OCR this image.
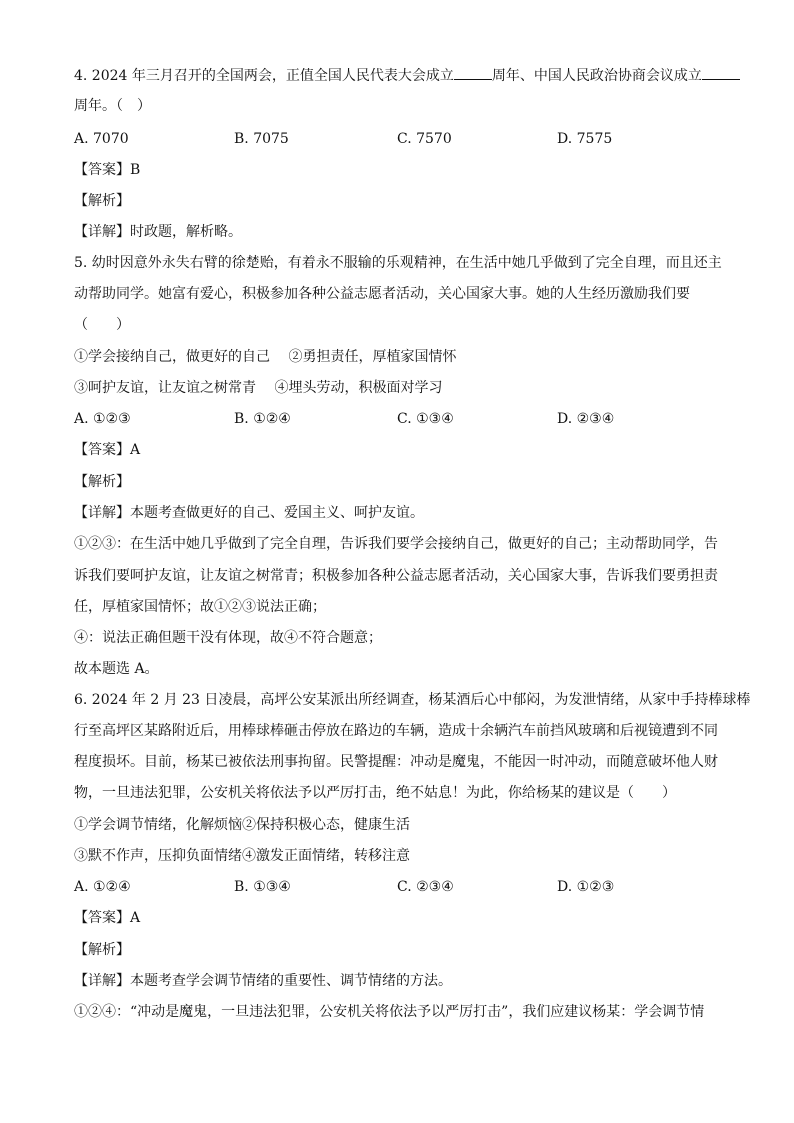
4. 2024 年三月召开的全国两会，正值全国人民代表大会成立	周年、中国人民政治协商会议成立
周年。（　）
A. 7070	B. 7075	C. 7570	D. 7575
【答案】B
【解析】
【详解】时政题，解析略。
5. 幼时因意外永失右臂的徐楚贻，有着永不服输的乐观精神，在生活中她几乎做到了完全自理，而且还主
动帮助同学。她富有爱心，积极参加各种公益志愿者活动，关心国家大事。她的人生经历激励我们要
（　　）
①学会接纳自己，做更好的自己　 ②勇担责任，厚植家国情怀
③呵护友谊，让友谊之树常青　 ④埋头劳动，积极面对学习
A. ①②③	B. ①②④	C. ①③④	D. ②③④
【答案】A
【解析】
【详解】本题考查做更好的自己、爱国主义、呵护友谊。
①②③：在生活中她几乎做到了完全自理，告诉我们要学会接纳自己，做更好的自己；主动帮助同学，告
诉我们要呵护友谊，让友谊之树常青；积极参加各种公益志愿者活动，关心国家大事，告诉我们要勇担责
任，厚植家国情怀；故①②③说法正确；
④：说法正确但题干没有体现，故④不符合题意；
故本题选 A。
6. 2024 年 2 月 23 日凌晨，高坪公安某派出所经调查，杨某酒后心中郁闷，为发泄情绪，从家中手持棒球棒
行至高坪区某路附近后，用棒球棒砸击停放在路边的车辆，造成十余辆汽车前挡风玻璃和后视镜遭到不同
程度损坏。目前，杨某已被依法刑事拘留。民警提醒：冲动是魔鬼，不能因一时冲动，而随意破坏他人财
物，一旦违法犯罪，公安机关将依法予以严厉打击，绝不姑息！为此，你给杨某的建议是（　　）
①学会调节情绪，化解烦恼②保持积极心态，健康生活
③默不作声，压抑负面情绪④激发正面情绪，转移注意
A. ①②④	B. ①③④	C. ②③④	D. ①②③
【答案】A
【解析】
【详解】本题考查学会调节情绪的重要性、调节情绪的方法。
①②④：“冲动是魔鬼，一旦违法犯罪，公安机关将依法予以严厉打击”，我们应建议杨某：学会调节情
